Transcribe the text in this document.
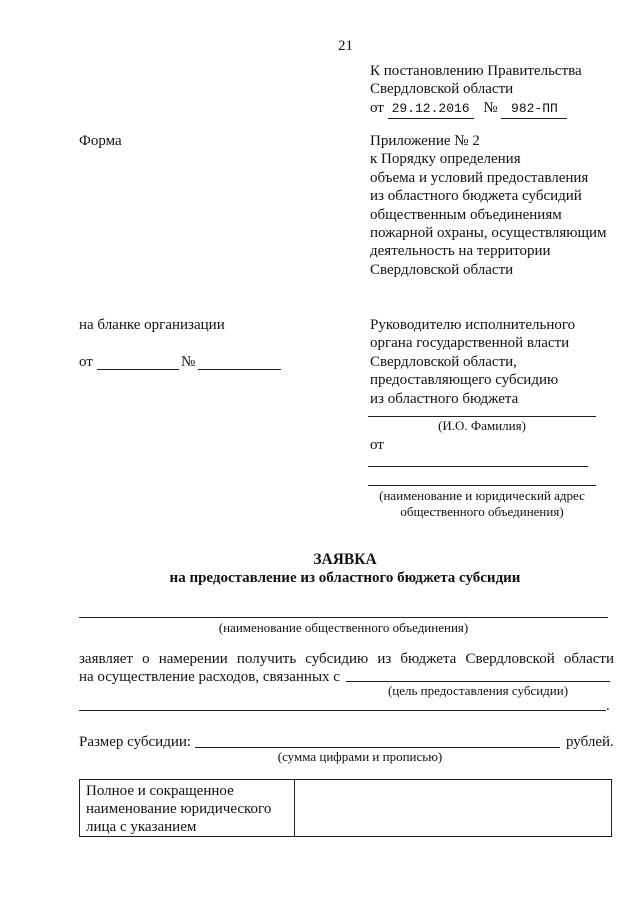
21
К постановлению Правительства
Свердловской области
от 29.12.2016 № 982-ПП
Форма	Приложение № 2
к Порядку определения
объема и условий предоставления
из областного бюджета субсидий
общественным объединениям
пожарной охраны, осуществляющим
деятельность на территории
Свердловской области
на бланке организации
от	№
Руководителю исполнительного
органа государственной власти
Свердловской области,
предоставляющего субсидию
из областного бюджета
(И.О. Фамилия)
от
(наименование и юридический адрес
общественного объединения)
ЗАЯВКА
на предоставление из областного бюджета субсидии
(наименование общественного объединения)
заявляет о намерении получить субсидию из бюджета Свердловской области
на осуществление расходов, связанных с
(цель предоставления субсидии)
.
Размер субсидии:	рублей.
(сумма цифрами и прописью)
Полное и сокращенное
наименование юридического
лица с указанием
